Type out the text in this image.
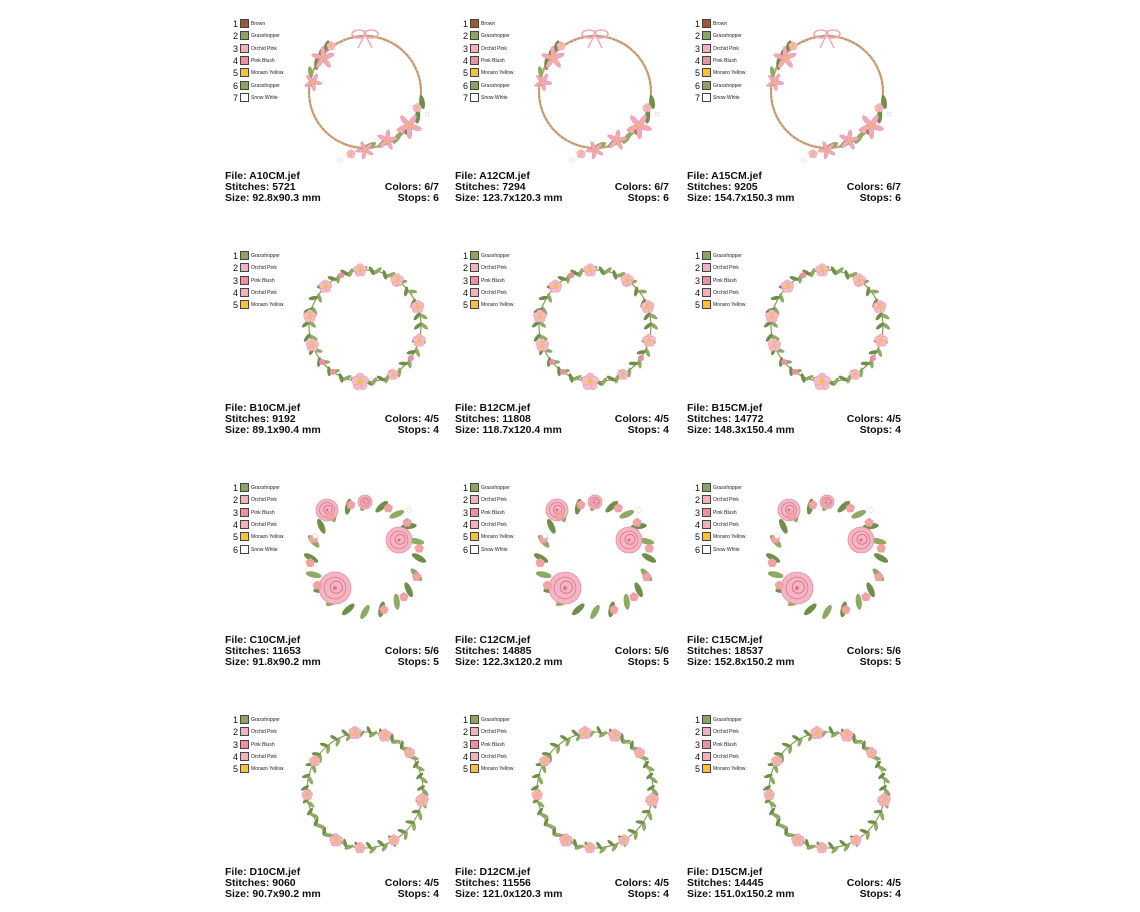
1	Brown
2	Grasshopper
3	Orchid Pink
4	Pink Blush
5	Monaro Yellow
6	Grasshopper
7	Snow White
File: A10CM.jef
Stitches: 5721
Size: 92.8x90.3 mm
Colors: 6/7
Stops: 6
1	Brown
2	Grasshopper
3	Orchid Pink
4	Pink Blush
5	Monaro Yellow
6	Grasshopper
7	Snow White
File: A12CM.jef
Stitches: 7294
Size: 123.7x120.3 mm
Colors: 6/7
Stops: 6
1	Brown
2	Grasshopper
3	Orchid Pink
4	Pink Blush
5	Monaro Yellow
6	Grasshopper
7	Snow White
File: A15CM.jef
Stitches: 9205
Size: 154.7x150.3 mm
Colors: 6/7
Stops: 6
1	Grasshopper
2	Orchid Pink
3	Pink Blush
4	Orchid Pink
5	Monaro Yellow
File: B10CM.jef
Stitches: 9192
Size: 89.1x90.4 mm
Colors: 4/5
Stops: 4
1	Grasshopper
2	Orchid Pink
3	Pink Blush
4	Orchid Pink
5	Monaro Yellow
File: B12CM.jef
Stitches: 11808
Size: 118.7x120.4 mm
Colors: 4/5
Stops: 4
1	Grasshopper
2	Orchid Pink
3	Pink Blush
4	Orchid Pink
5	Monaro Yellow
File: B15CM.jef
Stitches: 14772
Size: 148.3x150.4 mm
Colors: 4/5
Stops: 4
1	Grasshopper
2	Orchid Pink
3	Pink Blush
4	Orchid Pink
5	Monaro Yellow
6	Snow White
File: C10CM.jef
Stitches: 11653
Size: 91.8x90.2 mm
Colors: 5/6
Stops: 5
1	Grasshopper
2	Orchid Pink
3	Pink Blush
4	Orchid Pink
5	Monaro Yellow
6	Snow White
File: C12CM.jef
Stitches: 14885
Size: 122.3x120.2 mm
Colors: 5/6
Stops: 5
1	Grasshopper
2	Orchid Pink
3	Pink Blush
4	Orchid Pink
5	Monaro Yellow
6	Snow White
File: C15CM.jef
Stitches: 18537
Size: 152.8x150.2 mm
Colors: 5/6
Stops: 5
1	Grasshopper
2	Orchid Pink
3	Pink Blush
4	Orchid Pink
5	Monaro Yellow
File: D10CM.jef
Stitches: 9060
Size: 90.7x90.2 mm
Colors: 4/5
Stops: 4
1	Grasshopper
2	Orchid Pink
3	Pink Blush
4	Orchid Pink
5	Monaro Yellow
File: D12CM.jef
Stitches: 11556
Size: 121.0x120.3 mm
Colors: 4/5
Stops: 4
1	Grasshopper
2	Orchid Pink
3	Pink Blush
4	Orchid Pink
5	Monaro Yellow
File: D15CM.jef
Stitches: 14445
Size: 151.0x150.2 mm
Colors: 4/5
Stops: 4
